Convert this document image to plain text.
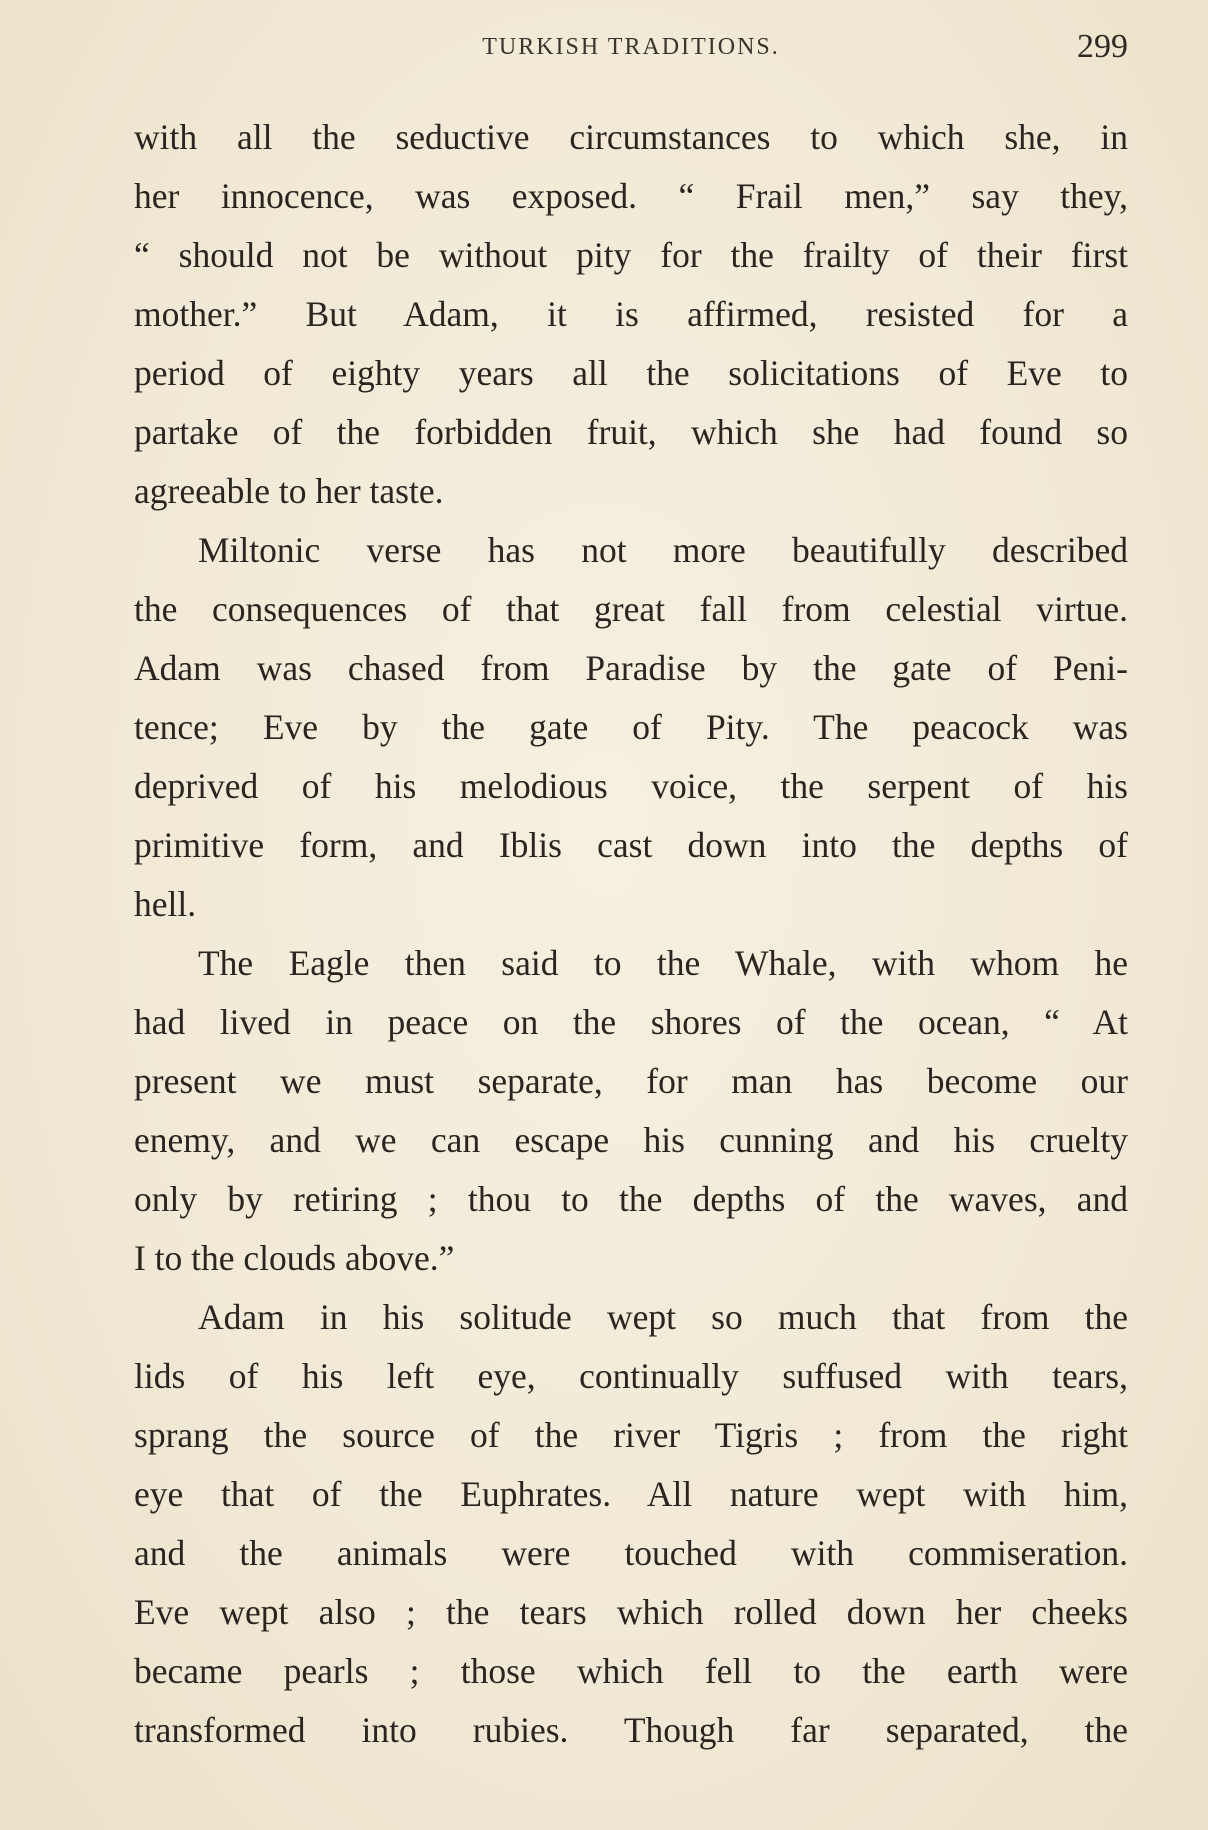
TURKISH TRADITIONS.	299
with all the seductive circumstances to which she, in
her innocence, was exposed. “ Frail men,” say they,
“ should not be without pity for the frailty of their first
mother.” But Adam, it is affirmed, resisted for a
period of eighty years all the solicitations of Eve to
partake of the forbidden fruit, which she had found so
agreeable to her taste.
Miltonic verse has not more beautifully described
the consequences of that great fall from celestial virtue.
Adam was chased from Paradise by the gate of Peni-
tence; Eve by the gate of Pity. The peacock was
deprived of his melodious voice, the serpent of his
primitive form, and Iblis cast down into the depths of
hell.
The Eagle then said to the Whale, with whom he
had lived in peace on the shores of the ocean, “ At
present we must separate, for man has become our
enemy, and we can escape his cunning and his cruelty
only by retiring ; thou to the depths of the waves, and
I to the clouds above.”
Adam in his solitude wept so much that from the
lids of his left eye, continually suffused with tears,
sprang the source of the river Tigris ; from the right
eye that of the Euphrates. All nature wept with him,
and the animals were touched with commiseration.
Eve wept also ; the tears which rolled down her cheeks
became pearls ; those which fell to the earth were
transformed into rubies. Though far separated, the
